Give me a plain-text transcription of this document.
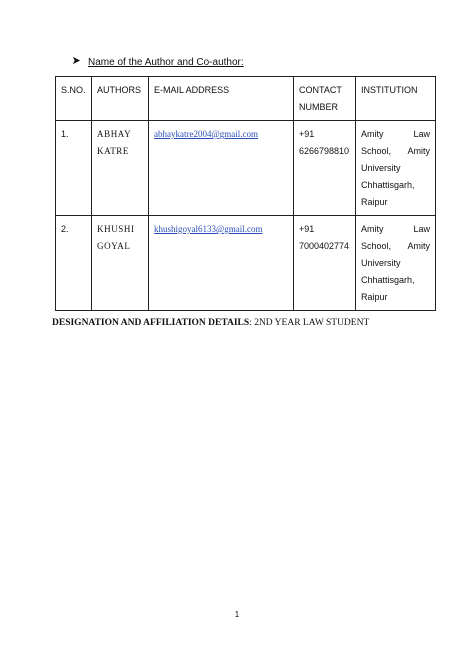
Name of the Author and Co-author:
S.NO.	AUTHORS	E-MAIL ADDRESS	CONTACT NUMBER	INSTITUTION
1.	ABHAY KATRE	abhaykatre2004@gmail.com	+91 6266798810	Amity Law School, Amity University Chhattisgarh, Raipur
2.	KHUSHI GOYAL	khushigoyal6133@gmail.com	+91 7000402774	Amity Law School, Amity University Chhattisgarh, Raipur
DESIGNATION AND AFFILIATION DETAILS: 2ND YEAR LAW STUDENT
1
